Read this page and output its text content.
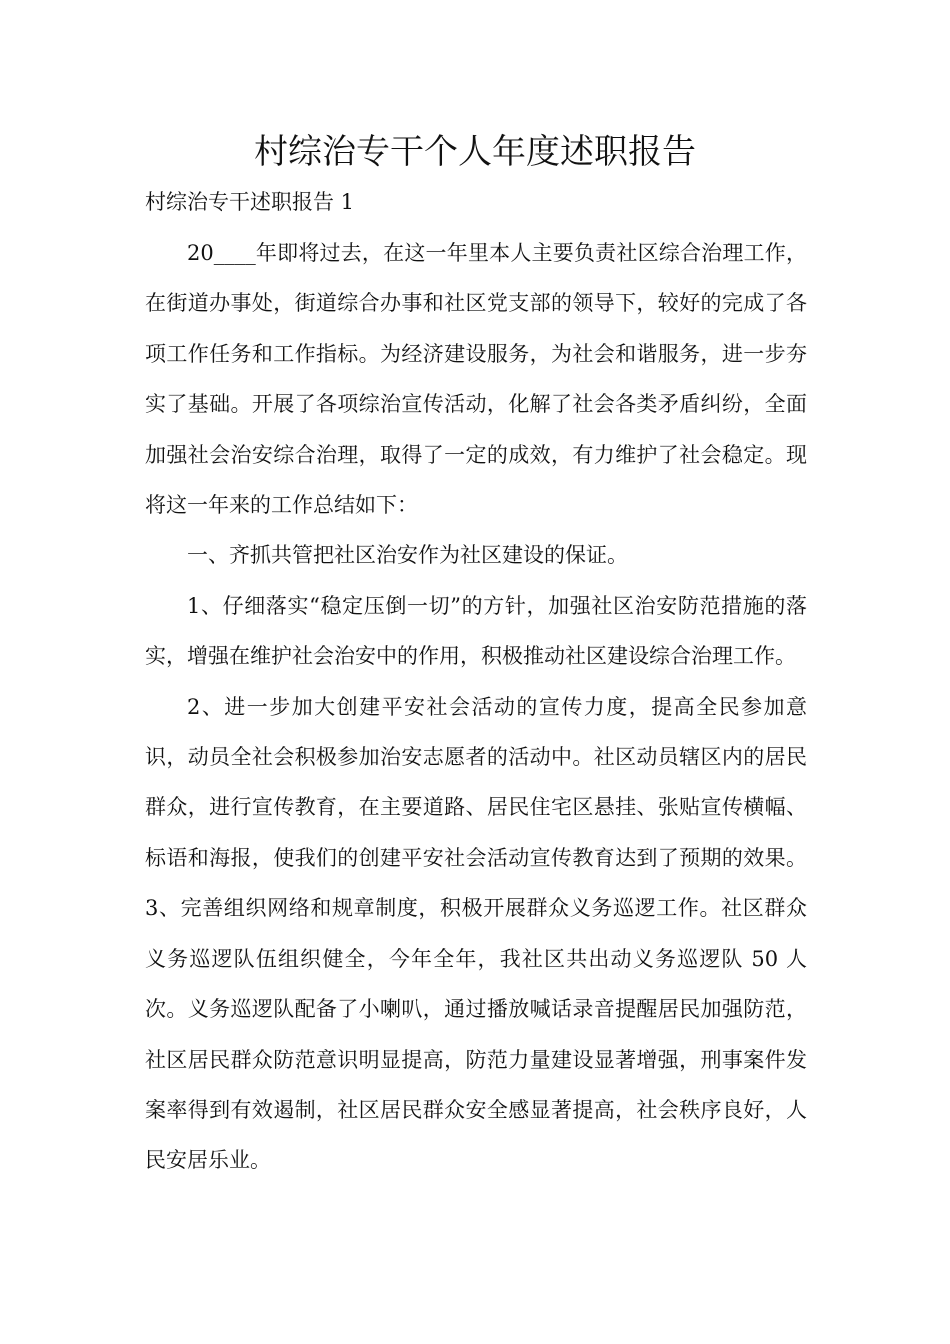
村综治专干个人年度述职报告
村综治专干述职报告 1

20____年即将过去，在这一年里本人主要负责社区综合治理工作，在街道办事处，街道综合办事和社区党支部的领导下，较好的完成了各项工作任务和工作指标。为经济建设服务，为社会和谐服务，进一步夯实了基础。开展了各项综治宣传活动，化解了社会各类矛盾纠纷，全面加强社会治安综合治理，取得了一定的成效，有力维护了社会稳定。现将这一年来的工作总结如下：

一、齐抓共管把社区治安作为社区建设的保证。

1、仔细落实“稳定压倒一切”的方针，加强社区治安防范措施的落实，增强在维护社会治安中的作用，积极推动社区建设综合治理工作。

2、进一步加大创建平安社会活动的宣传力度，提高全民参加意识，动员全社会积极参加治安志愿者的活动中。社区动员辖区内的居民群众，进行宣传教育，在主要道路、居民住宅区悬挂、张贴宣传横幅、标语和海报，使我们的创建平安社会活动宣传教育达到了预期的效果。3、完善组织网络和规章制度，积极开展群众义务巡逻工作。社区群众义务巡逻队伍组织健全，今年全年，我社区共出动义务巡逻队 50 人次。义务巡逻队配备了小喇叭，通过播放喊话录音提醒居民加强防范，社区居民群众防范意识明显提高，防范力量建设显著增强，刑事案件发案率得到有效遏制，社区居民群众安全感显著提高，社会秩序良好，人民安居乐业。
